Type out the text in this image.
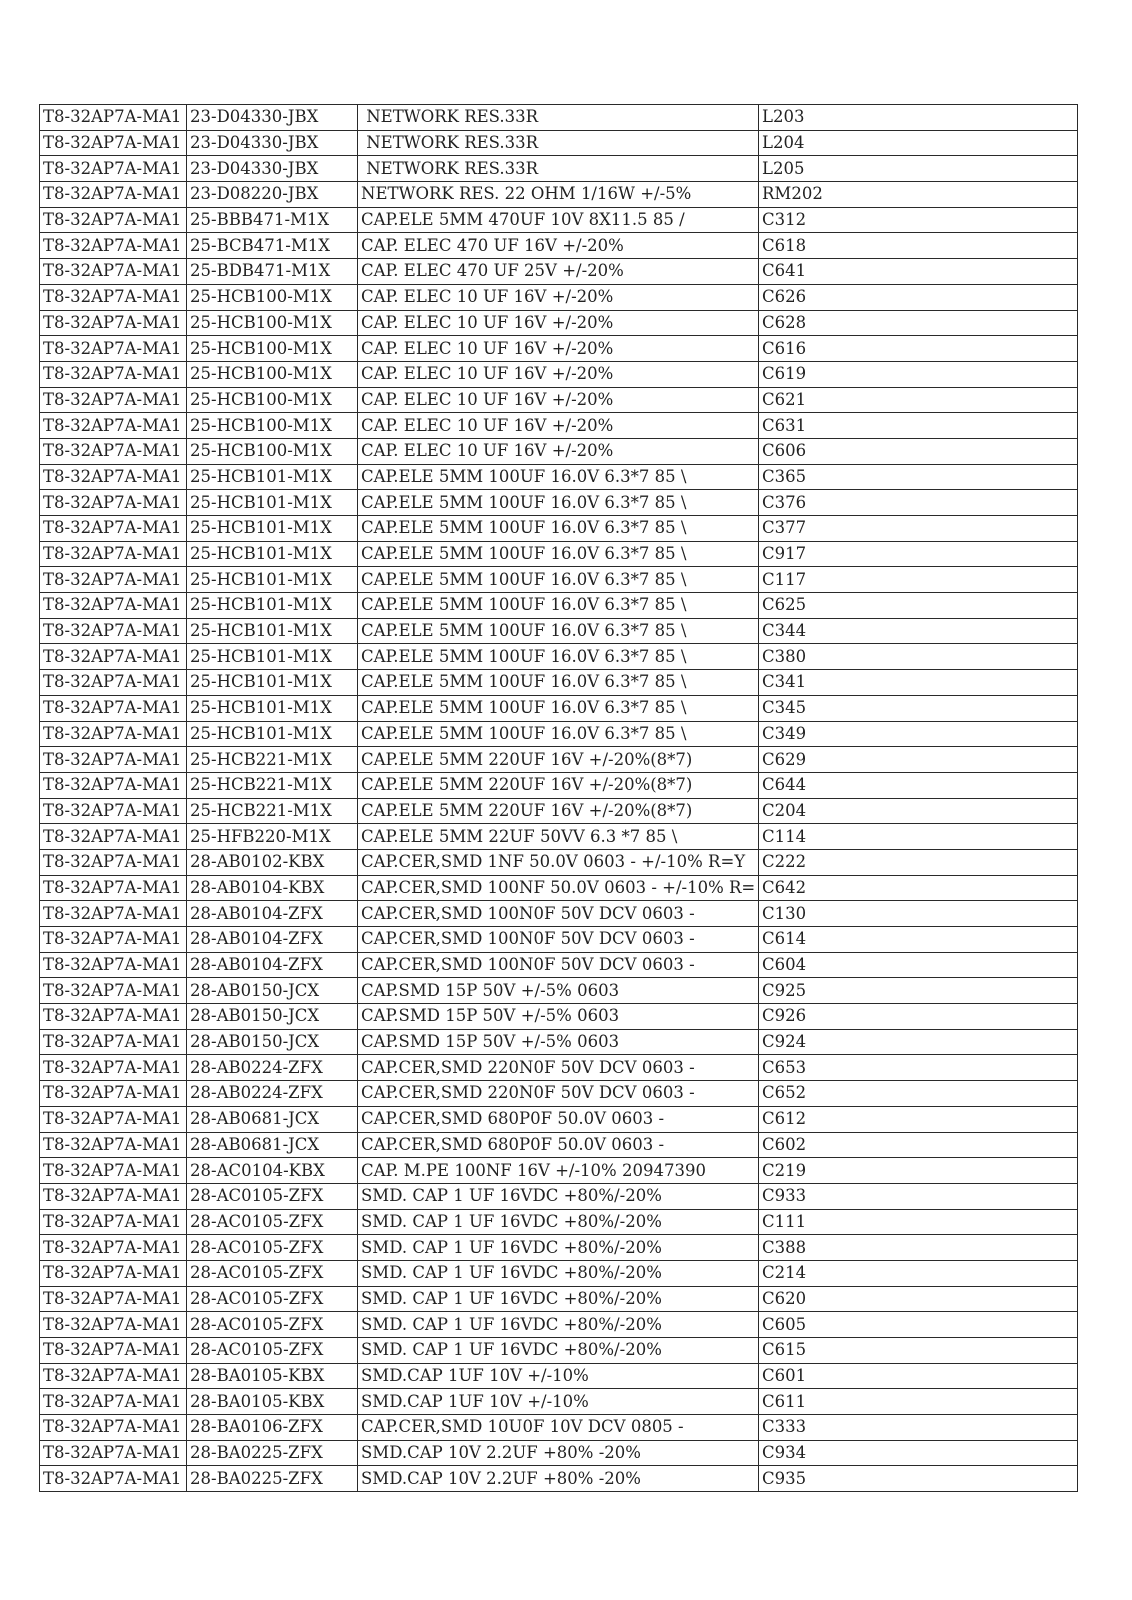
T8-32AP7A-MA1	23-D04330-JBX	NETWORK RES.33R	L203
T8-32AP7A-MA1	23-D04330-JBX	NETWORK RES.33R	L204
T8-32AP7A-MA1	23-D04330-JBX	NETWORK RES.33R	L205
T8-32AP7A-MA1	23-D08220-JBX	NETWORK RES. 22 OHM 1/16W +/-5%	RM202
T8-32AP7A-MA1	25-BBB471-M1X	CAP.ELE 5MM 470UF 10V 8X11.5 85 /	C312
T8-32AP7A-MA1	25-BCB471-M1X	CAP. ELEC 470 UF 16V +/-20%	C618
T8-32AP7A-MA1	25-BDB471-M1X	CAP. ELEC 470 UF 25V +/-20%	C641
T8-32AP7A-MA1	25-HCB100-M1X	CAP. ELEC 10 UF 16V +/-20%	C626
T8-32AP7A-MA1	25-HCB100-M1X	CAP. ELEC 10 UF 16V +/-20%	C628
T8-32AP7A-MA1	25-HCB100-M1X	CAP. ELEC 10 UF 16V +/-20%	C616
T8-32AP7A-MA1	25-HCB100-M1X	CAP. ELEC 10 UF 16V +/-20%	C619
T8-32AP7A-MA1	25-HCB100-M1X	CAP. ELEC 10 UF 16V +/-20%	C621
T8-32AP7A-MA1	25-HCB100-M1X	CAP. ELEC 10 UF 16V +/-20%	C631
T8-32AP7A-MA1	25-HCB100-M1X	CAP. ELEC 10 UF 16V +/-20%	C606
T8-32AP7A-MA1	25-HCB101-M1X	CAP.ELE 5MM 100UF 16.0V 6.3*7 85 \	C365
T8-32AP7A-MA1	25-HCB101-M1X	CAP.ELE 5MM 100UF 16.0V 6.3*7 85 \	C376
T8-32AP7A-MA1	25-HCB101-M1X	CAP.ELE 5MM 100UF 16.0V 6.3*7 85 \	C377
T8-32AP7A-MA1	25-HCB101-M1X	CAP.ELE 5MM 100UF 16.0V 6.3*7 85 \	C917
T8-32AP7A-MA1	25-HCB101-M1X	CAP.ELE 5MM 100UF 16.0V 6.3*7 85 \	C117
T8-32AP7A-MA1	25-HCB101-M1X	CAP.ELE 5MM 100UF 16.0V 6.3*7 85 \	C625
T8-32AP7A-MA1	25-HCB101-M1X	CAP.ELE 5MM 100UF 16.0V 6.3*7 85 \	C344
T8-32AP7A-MA1	25-HCB101-M1X	CAP.ELE 5MM 100UF 16.0V 6.3*7 85 \	C380
T8-32AP7A-MA1	25-HCB101-M1X	CAP.ELE 5MM 100UF 16.0V 6.3*7 85 \	C341
T8-32AP7A-MA1	25-HCB101-M1X	CAP.ELE 5MM 100UF 16.0V 6.3*7 85 \	C345
T8-32AP7A-MA1	25-HCB101-M1X	CAP.ELE 5MM 100UF 16.0V 6.3*7 85 \	C349
T8-32AP7A-MA1	25-HCB221-M1X	CAP.ELE 5MM 220UF 16V +/-20%(8*7)	C629
T8-32AP7A-MA1	25-HCB221-M1X	CAP.ELE 5MM 220UF 16V +/-20%(8*7)	C644
T8-32AP7A-MA1	25-HCB221-M1X	CAP.ELE 5MM 220UF 16V +/-20%(8*7)	C204
T8-32AP7A-MA1	25-HFB220-M1X	CAP.ELE 5MM 22UF 50VV 6.3 *7 85 \	C114
T8-32AP7A-MA1	28-AB0102-KBX	CAP.CER,SMD 1NF 50.0V 0603 - +/-10% R=Y	C222
T8-32AP7A-MA1	28-AB0104-KBX	CAP.CER,SMD 100NF 50.0V 0603 - +/-10% R=	C642
T8-32AP7A-MA1	28-AB0104-ZFX	CAP.CER,SMD 100N0F 50V DCV 0603 -	C130
T8-32AP7A-MA1	28-AB0104-ZFX	CAP.CER,SMD 100N0F 50V DCV 0603 -	C614
T8-32AP7A-MA1	28-AB0104-ZFX	CAP.CER,SMD 100N0F 50V DCV 0603 -	C604
T8-32AP7A-MA1	28-AB0150-JCX	CAP.SMD 15P 50V +/-5% 0603	C925
T8-32AP7A-MA1	28-AB0150-JCX	CAP.SMD 15P 50V +/-5% 0603	C926
T8-32AP7A-MA1	28-AB0150-JCX	CAP.SMD 15P 50V +/-5% 0603	C924
T8-32AP7A-MA1	28-AB0224-ZFX	CAP.CER,SMD 220N0F 50V DCV 0603 -	C653
T8-32AP7A-MA1	28-AB0224-ZFX	CAP.CER,SMD 220N0F 50V DCV 0603 -	C652
T8-32AP7A-MA1	28-AB0681-JCX	CAP.CER,SMD 680P0F 50.0V 0603 -	C612
T8-32AP7A-MA1	28-AB0681-JCX	CAP.CER,SMD 680P0F 50.0V 0603 -	C602
T8-32AP7A-MA1	28-AC0104-KBX	CAP. M.PE 100NF 16V +/-10% 20947390	C219
T8-32AP7A-MA1	28-AC0105-ZFX	SMD. CAP 1 UF 16VDC +80%/-20%	C933
T8-32AP7A-MA1	28-AC0105-ZFX	SMD. CAP 1 UF 16VDC +80%/-20%	C111
T8-32AP7A-MA1	28-AC0105-ZFX	SMD. CAP 1 UF 16VDC +80%/-20%	C388
T8-32AP7A-MA1	28-AC0105-ZFX	SMD. CAP 1 UF 16VDC +80%/-20%	C214
T8-32AP7A-MA1	28-AC0105-ZFX	SMD. CAP 1 UF 16VDC +80%/-20%	C620
T8-32AP7A-MA1	28-AC0105-ZFX	SMD. CAP 1 UF 16VDC +80%/-20%	C605
T8-32AP7A-MA1	28-AC0105-ZFX	SMD. CAP 1 UF 16VDC +80%/-20%	C615
T8-32AP7A-MA1	28-BA0105-KBX	SMD.CAP 1UF 10V +/-10%	C601
T8-32AP7A-MA1	28-BA0105-KBX	SMD.CAP 1UF 10V +/-10%	C611
T8-32AP7A-MA1	28-BA0106-ZFX	CAP.CER,SMD 10U0F 10V DCV 0805 -	C333
T8-32AP7A-MA1	28-BA0225-ZFX	SMD.CAP 10V 2.2UF +80% -20%	C934
T8-32AP7A-MA1	28-BA0225-ZFX	SMD.CAP 10V 2.2UF +80% -20%	C935
